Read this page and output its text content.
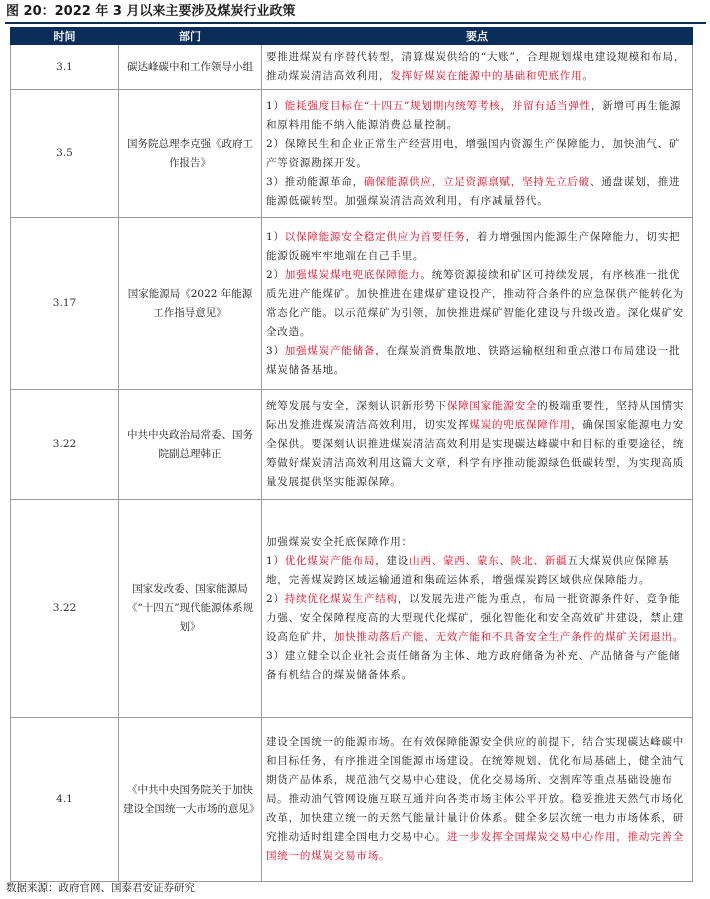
图 20：2022 年 3 月以来主要涉及煤炭行业政策
时间	部门	要点
3.1	碳达峰碳中和工作领导小组	要推进煤炭有序替代转型，清算煤炭供给的“大账”，合理规划煤电建设规模和布局，推动煤炭清洁高效利用，发挥好煤炭在能源中的基础和兜底作用。

3.5	国务院总理李克强《政府工作报告》	1）能耗强度目标在“十四五”规划期内统筹考核，并留有适当弹性，新增可再生能源和原料用能不纳入能源消费总量控制。
2）保障民生和企业正常生产经营用电，增强国内资源生产保障能力，加快油气、矿产等资源勘探开发。
3）推动能源革命，确保能源供应，立足资源禀赋，坚持先立后破、通盘谋划，推进能源低碳转型。加强煤炭清洁高效利用，有序减量替代。

3.17	国家能源局《2022 年能源工作指导意见》	1）以保障能源安全稳定供应为首要任务，着力增强国内能源生产保障能力，切实把能源饭碗牢牢地端在自己手里。
2）加强煤炭煤电兜底保障能力。统筹资源接续和矿区可持续发展，有序核准一批优质先进产能煤矿。加快推进在建煤矿建设投产，推动符合条件的应急保供产能转化为常态化产能。以示范煤矿为引领，加快推进煤矿智能化建设与升级改造。深化煤矿安全改造。
3）加强煤炭产能储备，在煤炭消费集散地、铁路运输枢纽和重点港口布局建设一批煤炭储备基地。

3.22	中共中央政治局常委、国务院副总理韩正	统筹发展与安全，深刻认识新形势下保障国家能源安全的极端重要性，坚持从国情实际出发推进煤炭清洁高效利用，切实发挥煤炭的兜底保障作用，确保国家能源电力安全保供。要深刻认识推进煤炭清洁高效利用是实现碳达峰碳中和目标的重要途径，统筹做好煤炭清洁高效利用这篇大文章，科学有序推动能源绿色低碳转型，为实现高质量发展提供坚实能源保障。

3.22	国家发改委、国家能源局《“十四五”现代能源体系规划》	加强煤炭安全托底保障作用：
1）优化煤炭产能布局，建设山西、蒙西、蒙东、陕北、新疆五大煤炭供应保障基地，完善煤炭跨区域运输通道和集疏运体系，增强煤炭跨区域供应保障能力。
2）持续优化煤炭生产结构，以发展先进产能为重点，布局一批资源条件好、竞争能力强、安全保障程度高的大型现代化煤矿，强化智能化和安全高效矿井建设，禁止建设高危矿井，加快推动落后产能、无效产能和不具备安全生产条件的煤矿关闭退出。
3）建立健全以企业社会责任储备为主体、地方政府储备为补充、产品储备与产能储备有机结合的煤炭储备体系。

4.1	《中共中央国务院关于加快建设全国统一大市场的意见》	建设全国统一的能源市场。在有效保障能源安全供应的前提下，结合实现碳达峰碳中和目标任务，有序推进全国能源市场建设。在统筹规划、优化布局基础上，健全油气期货产品体系，规范油气交易中心建设，优化交易场所、交割库等重点基础设施布局。推动油气管网设施互联互通并向各类市场主体公平开放。稳妥推进天然气市场化改革，加快建立统一的天然气能量计量计价体系。健全多层次统一电力市场体系，研究推动适时组建全国电力交易中心。进一步发挥全国煤炭交易中心作用，推动完善全国统一的煤炭交易市场。
数据来源：政府官网、国泰君安证券研究
